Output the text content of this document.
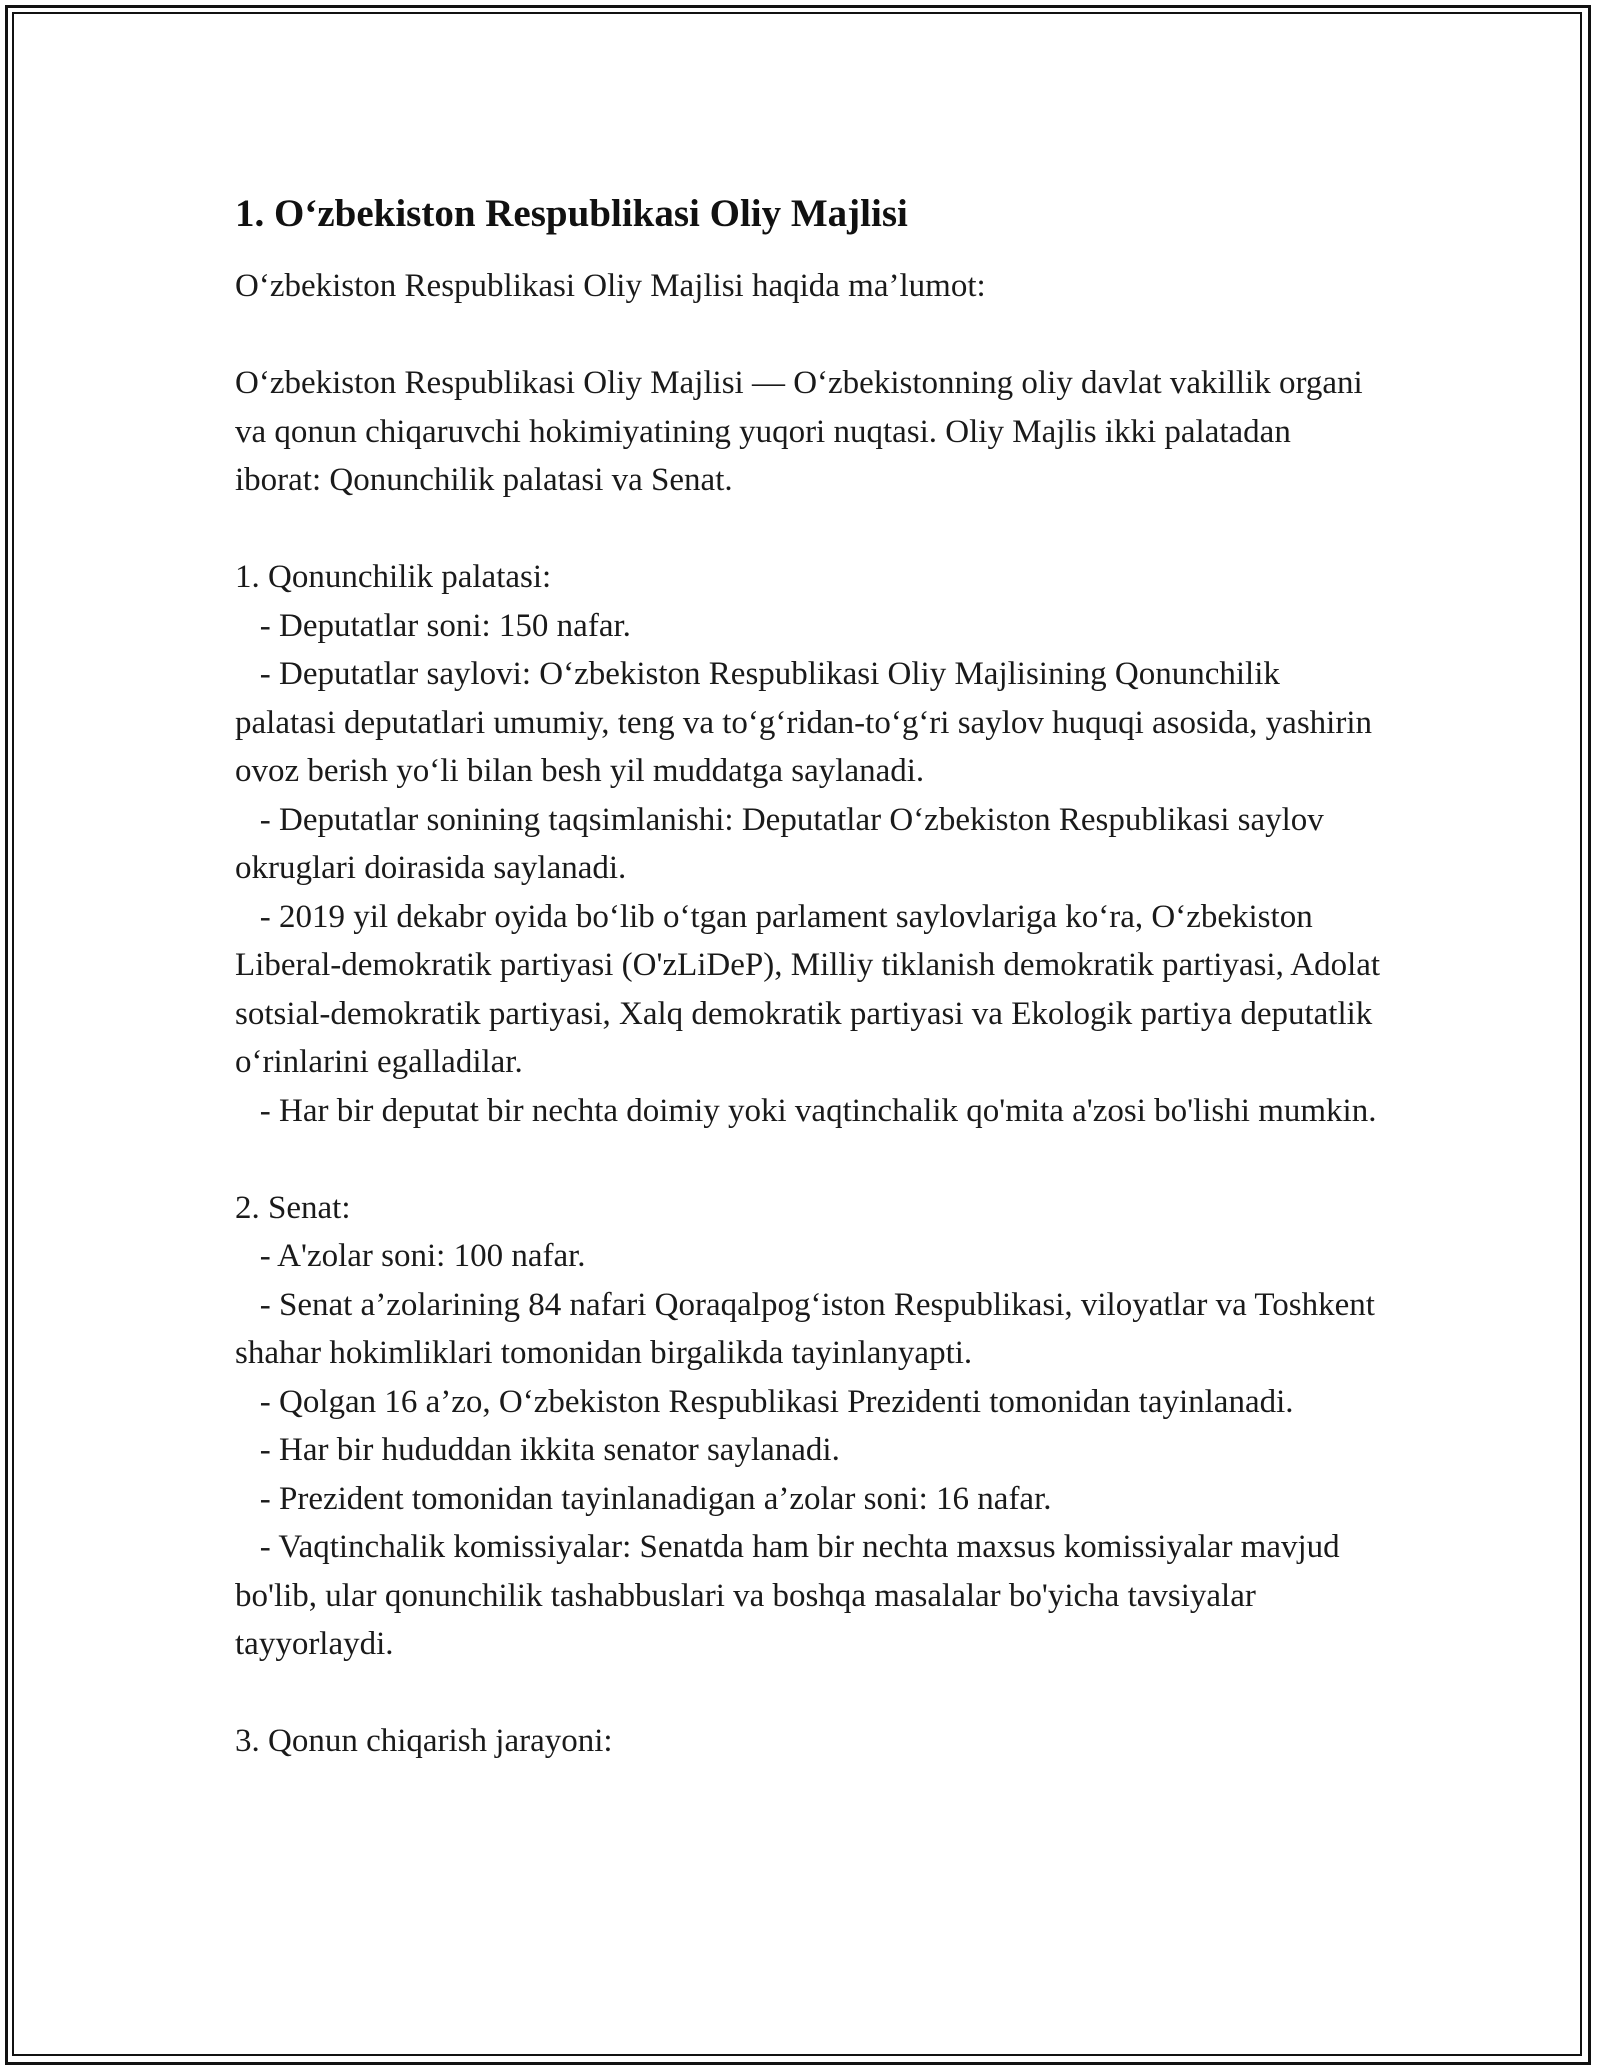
1. O‘zbekiston Respublikasi Oliy Majlisi

O‘zbekiston Respublikasi Oliy Majlisi haqida ma’lumot:

O‘zbekiston Respublikasi Oliy Majlisi — O‘zbekistonning oliy davlat vakillik organi va qonun chiqaruvchi hokimiyatining yuqori nuqtasi. Oliy Majlis ikki palatadan iborat: Qonunchilik palatasi va Senat.

1. Qonunchilik palatasi:

- Deputatlar soni: 150 nafar.

- Deputatlar saylovi: O‘zbekiston Respublikasi Oliy Majlisining Qonunchilik palatasi deputatlari umumiy, teng va to‘g‘ridan-to‘g‘ri saylov huquqi asosida, yashirin ovoz berish yo‘li bilan besh yil muddatga saylanadi.

- Deputatlar sonining taqsimlanishi: Deputatlar O‘zbekiston Respublikasi saylov okruglari doirasida saylanadi.

- 2019 yil dekabr oyida bo‘lib o‘tgan parlament saylovlariga ko‘ra, O‘zbekiston Liberal-demokratik partiyasi (O'zLiDeP), Milliy tiklanish demokratik partiyasi, Adolat sotsial-demokratik partiyasi, Xalq demokratik partiyasi va Ekologik partiya deputatlik o‘rinlarini egalladilar.

- Har bir deputat bir nechta doimiy yoki vaqtinchalik qo'mita a'zosi bo'lishi mumkin.

2. Senat:

- A'zolar soni: 100 nafar.

- Senat a’zolarining 84 nafari Qoraqalpog‘iston Respublikasi, viloyatlar va Toshkent shahar hokimliklari tomonidan birgalikda tayinlanyapti.

- Qolgan 16 a’zo, O‘zbekiston Respublikasi Prezidenti tomonidan tayinlanadi.

- Har bir hududdan ikkita senator saylanadi.

- Prezident tomonidan tayinlanadigan a’zolar soni: 16 nafar.

- Vaqtinchalik komissiyalar: Senatda ham bir nechta maxsus komissiyalar mavjud bo'lib, ular qonunchilik tashabbuslari va boshqa masalalar bo'yicha tavsiyalar tayyorlaydi.

3. Qonun chiqarish jarayoni:
